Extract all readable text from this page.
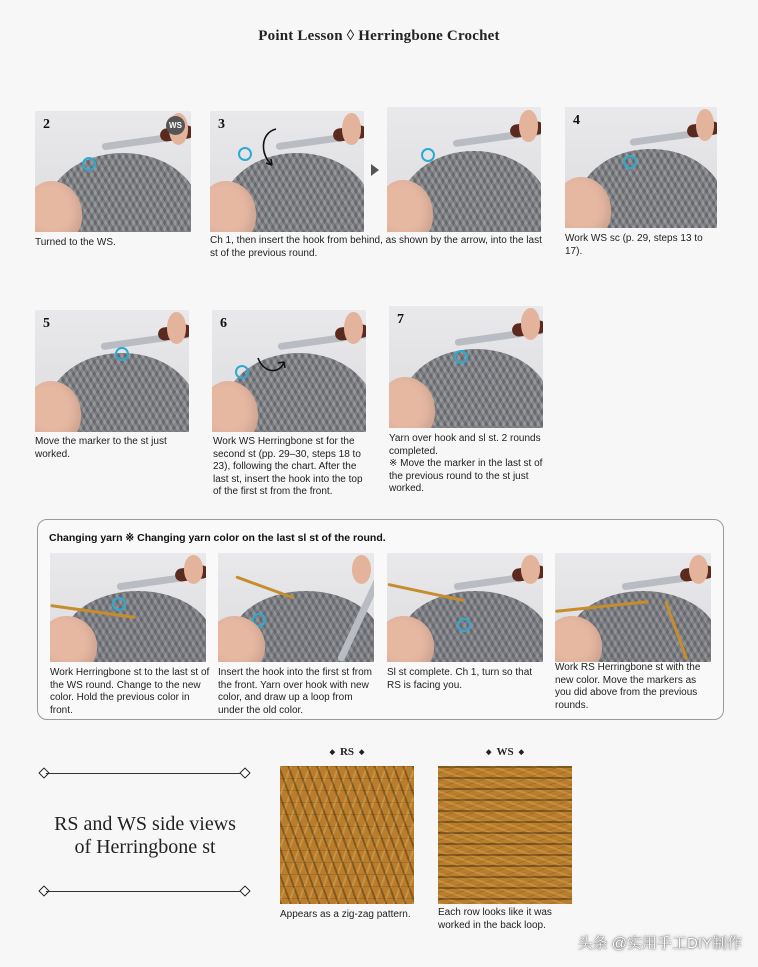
Point Lesson ◊ Herringbone Crochet
2	WS
Turned to the WS.
3
Ch 1, then insert the hook from behind, as shown by the arrow, into the last st of the previous round.
4
Work WS sc (p. 29, steps 13 to 17).
5
Move the marker to the st just worked.
6
Work WS Herringbone st for the second st (pp. 29–30, steps 18 to 23), following the chart. After the last st, insert the hook into the top of the first st from the front.
7
Yarn over hook and sl st. 2 rounds completed.
※ Move the marker in the last st of the previous round to the st just worked.
Changing yarn ※ Changing yarn color on the last sl st of the round.
Work Herringbone st to the last st of the WS round. Change to the new color. Hold the previous color in front.
Insert the hook into the first st from the front. Yarn over hook with new color, and draw up a loop from under the old color.
Sl st complete. Ch 1, turn so that RS is facing you.
Work RS Herringbone st with the new color. Move the markers as you did above from the previous rounds.
RS and WS side views
of Herringbone st
◆ RS ◆
Appears as a zig-zag pattern.
◆ WS ◆
Each row looks like it was worked in the back loop.
头条 @实用手工DIY制作
